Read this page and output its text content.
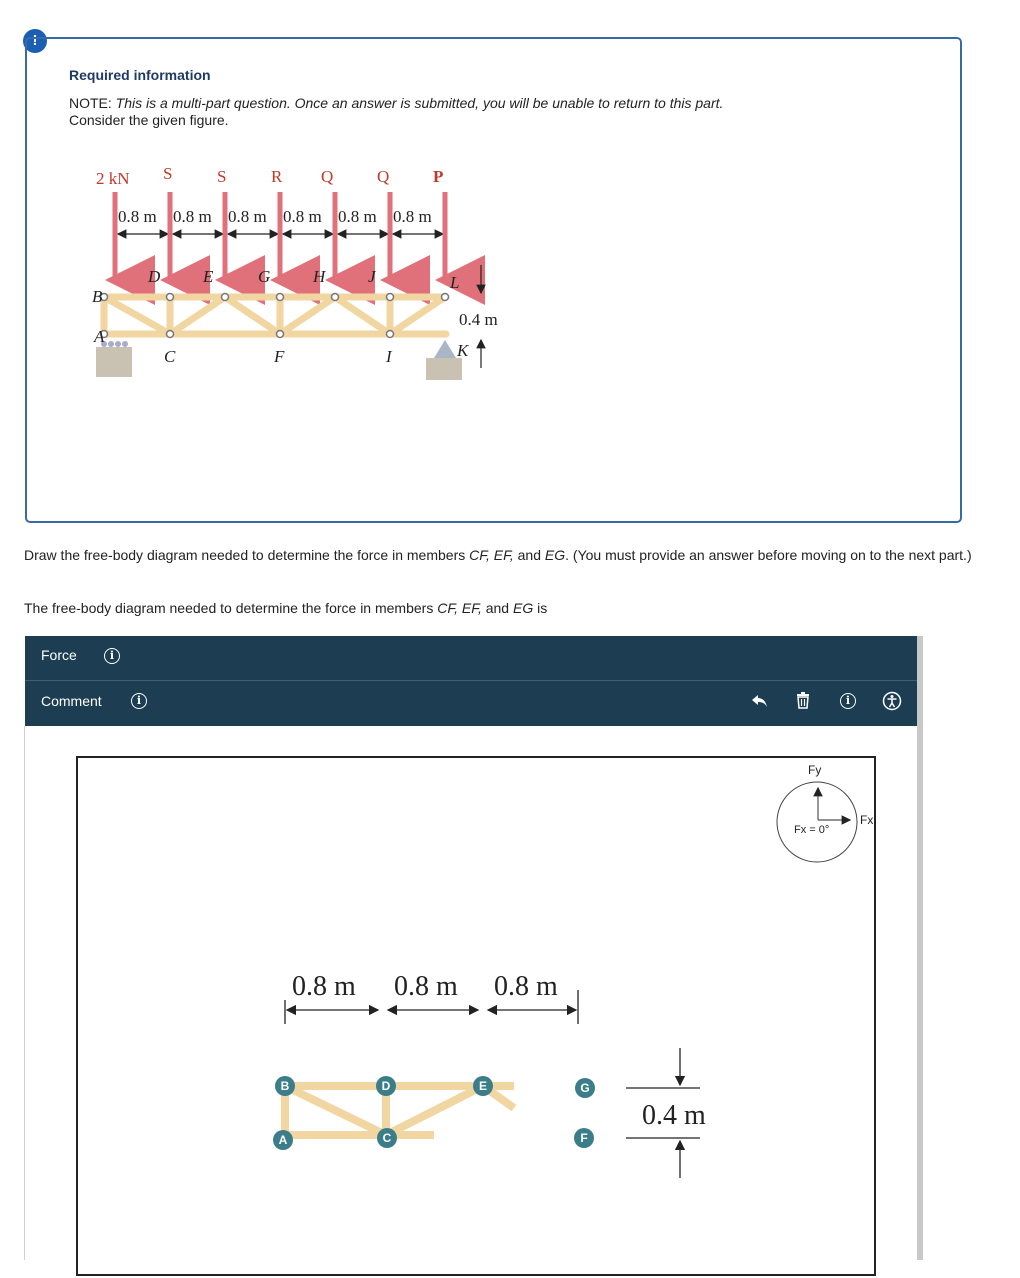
!
Required information
NOTE: This is a multi-part question. Once an answer is submitted, you will be unable to return to this part.
Consider the given figure.
2 kN S	S	R Q	Q	P
0.8 m 0.8 m 0.8 m 0.8 m 0.8 m 0.8 m
B
D	E	G	H	J	L
A
C	F	I	K
0.4 m
Draw the free-body diagram needed to determine the force in members CF, EF, and EG. (You must provide an answer before moving on to the next part.)
The free-body diagram needed to determine the force in members CF, EF, and EG is
Force	i
Comment	i	i
Fy
Fx
Fx = 0°
0.8 m 0.8 m 0.8 m
B	D	E	G
A	C	F
0.4 m
